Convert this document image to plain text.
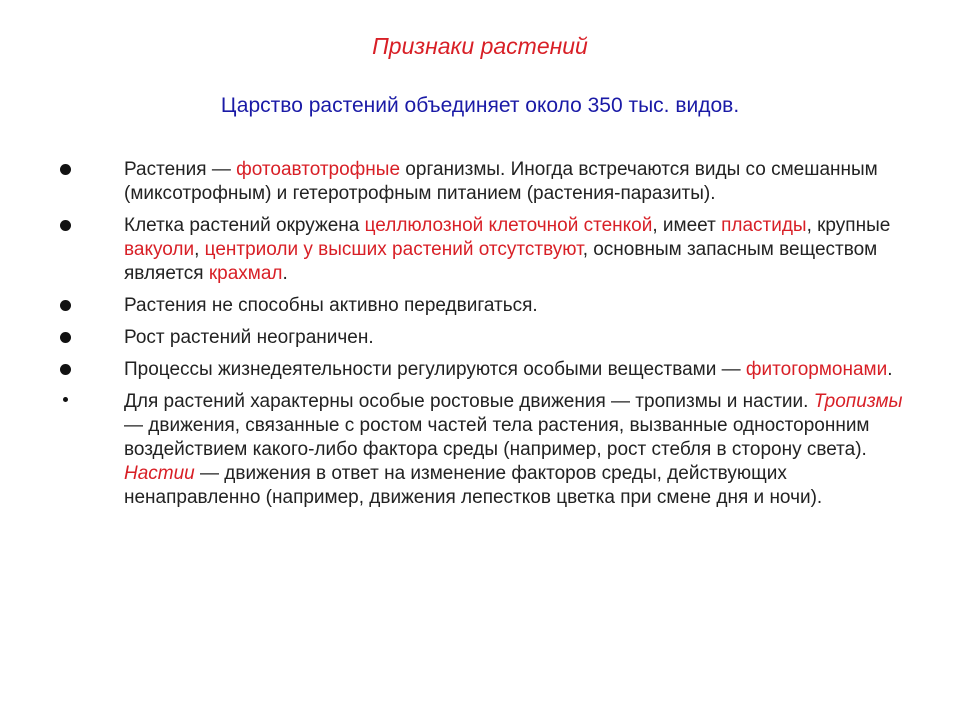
Признаки растений

Царство растений объединяет около 350 тыс. видов.

Растения — фотоавтотрофные организмы. Иногда встречаются виды со смешанным (миксотрофным) и гетеротрофным питанием (растения-паразиты).
Клетка растений окружена целлюлозной клеточной стенкой, имеет пластиды, крупные вакуоли, центриоли у высших растений отсутствуют, основным запасным веществом является крахмал.
Растения не способны активно передвигаться.
Рост растений неограничен.
Процессы жизнедеятельности регулируются особыми веществами — фитогормонами.
Для растений характерны особые ростовые движения — тропизмы и настии. Тропизмы — движения, связанные с ростом частей тела растения, вызванные односторонним воздействием какого-либо фактора среды (например, рост стебля в сторону света). Настии — движения в ответ на изменение факторов среды, действующих ненаправленно (например, движения лепестков цветка при смене дня и ночи).
